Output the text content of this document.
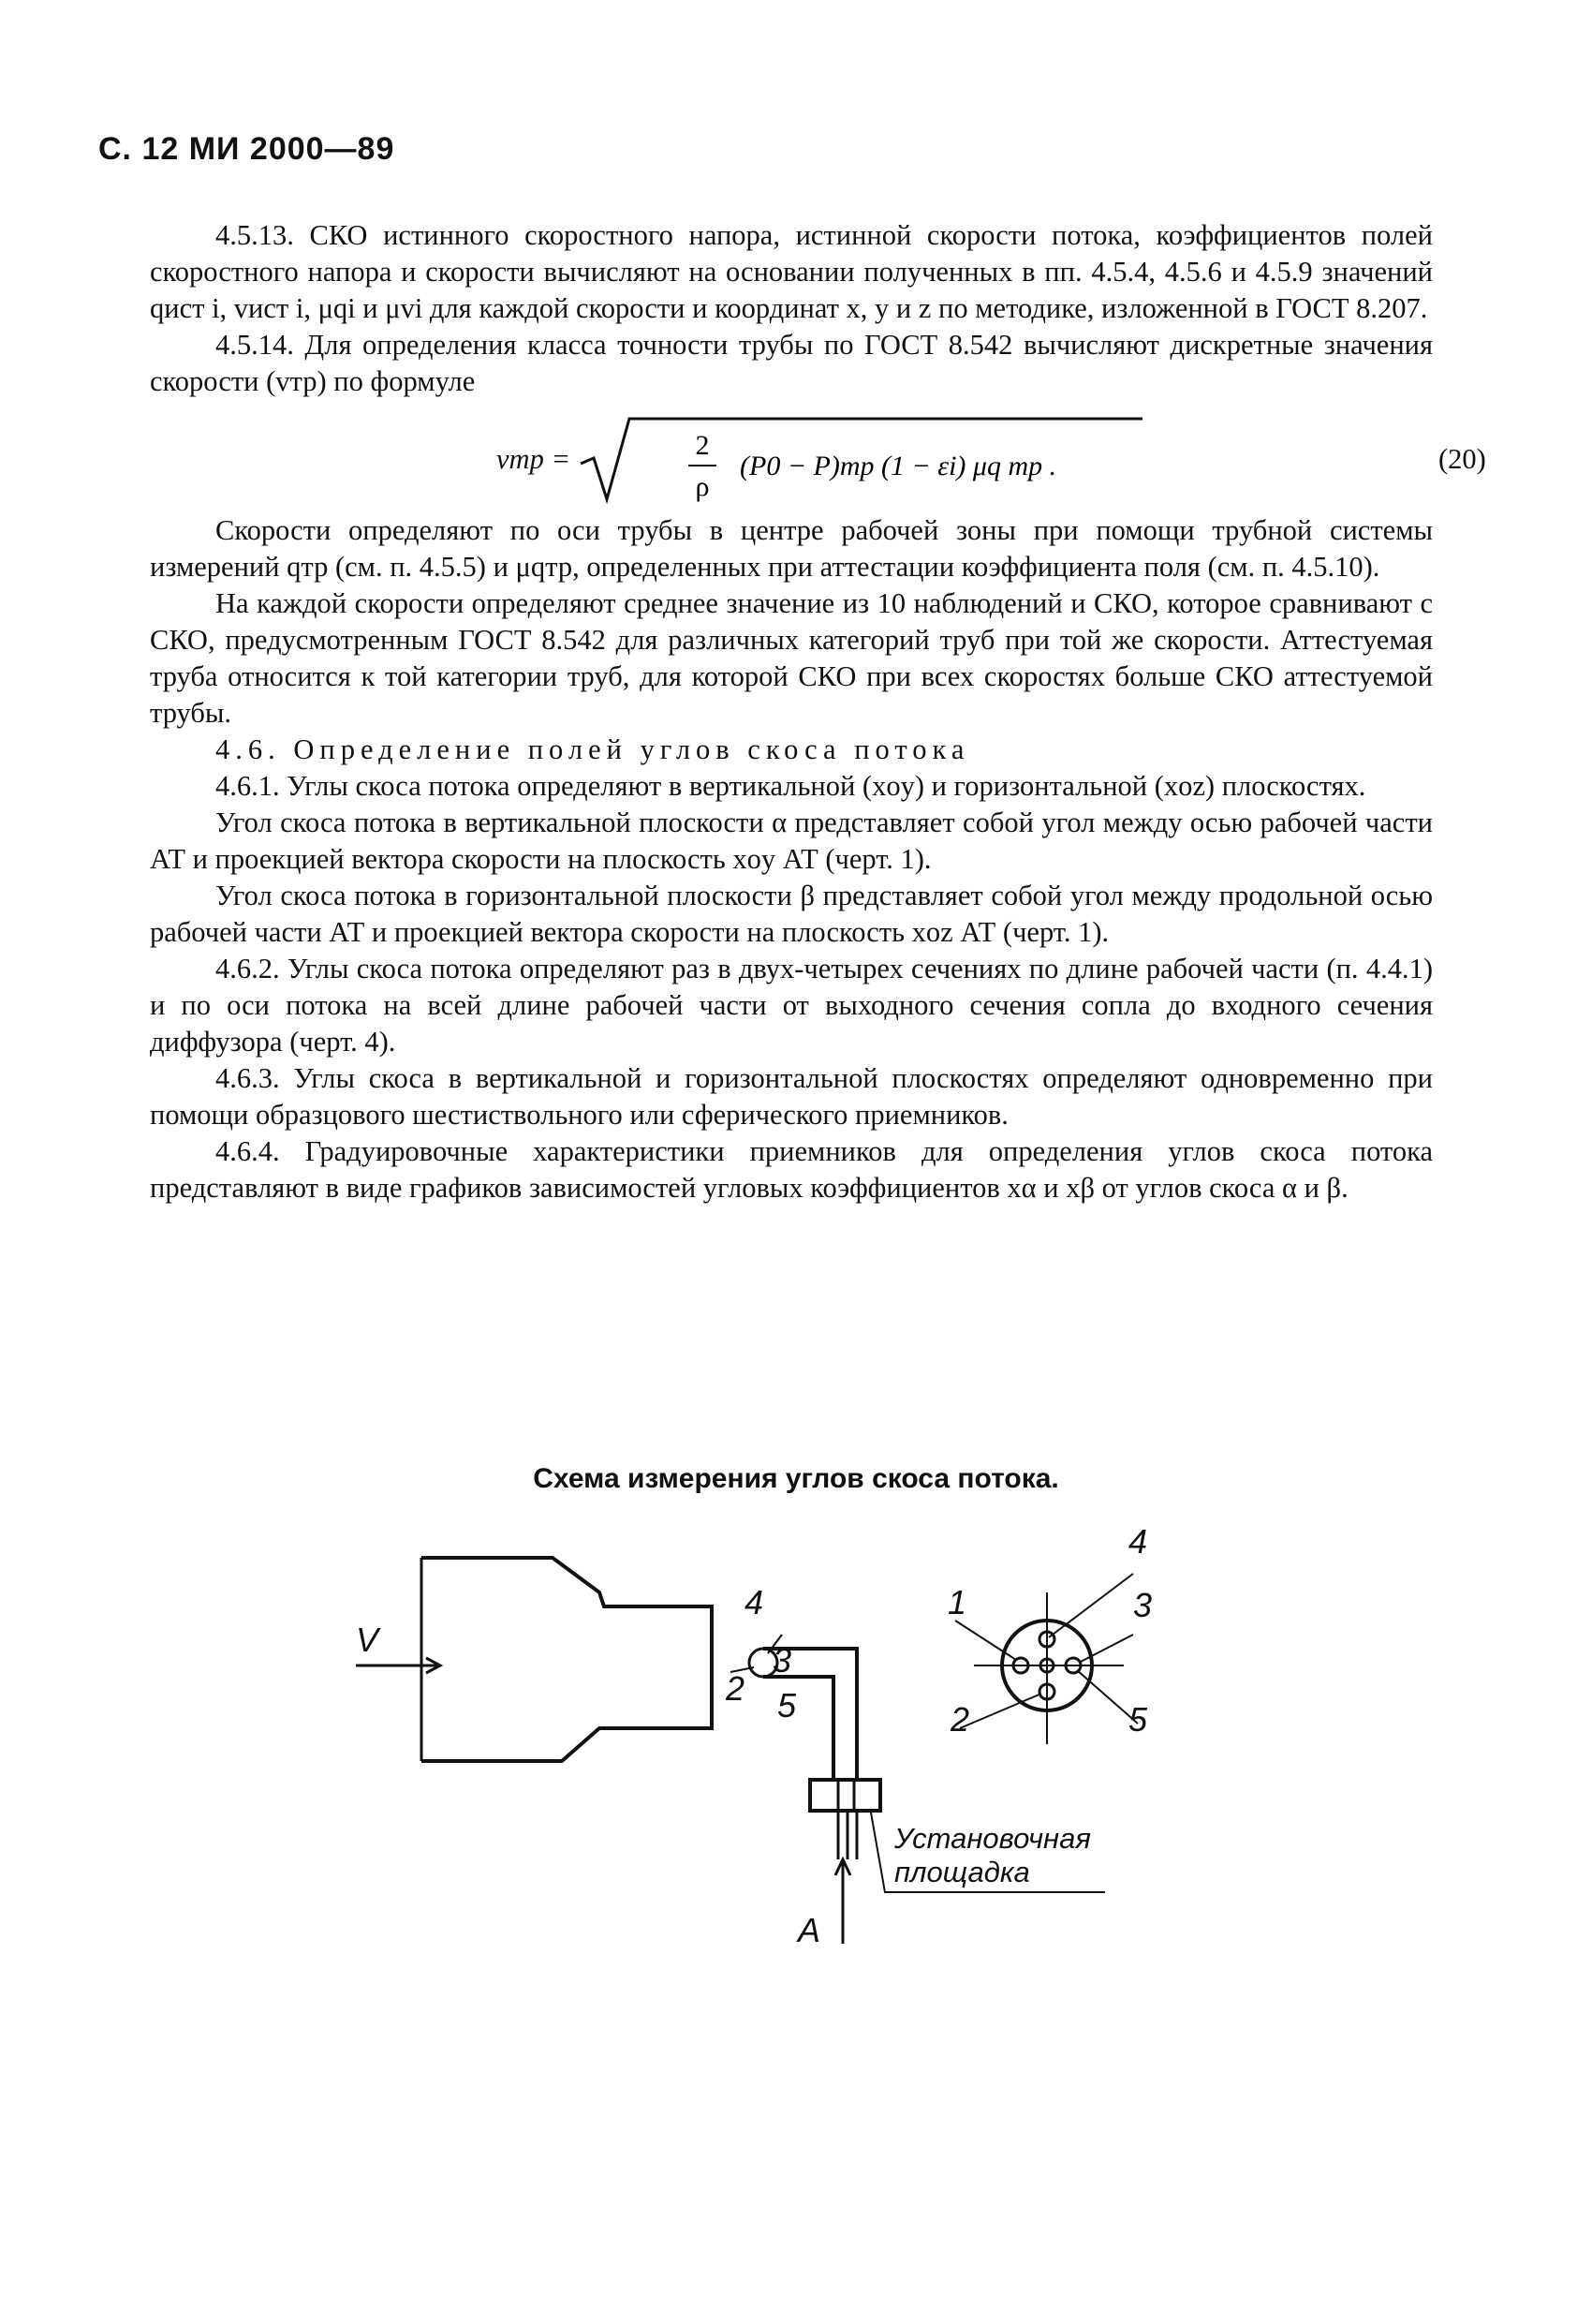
С. 12 МИ 2000—89

4.5.13. СКО истинного скоростного напора, истинной скорости потока, коэффициентов полей скоростного напора и скорости вычисляют на основании полученных в пп. 4.5.4, 4.5.6 и 4.5.9 значений qист i, vист i, μqi и μvi для каждой скорости и координат x, y и z по методике, изложенной в ГОСТ 8.207.

4.5.14. Для определения класса точности трубы по ГОСТ 8.542 вычисляют дискретные значения скорости (vтр) по формуле

vтр =	2
ρ
(P0 − P)тр (1 − εi) μq тр .	(20)

Скорости определяют по оси трубы в центре рабочей зоны при помощи трубной системы измерений qтр (см. п. 4.5.5) и μqтр, определенных при аттестации коэффициента поля (см. п. 4.5.10).

На каждой скорости определяют среднее значение из 10 наблюдений и СКО, которое сравнивают с СКО, предусмотренным ГОСТ 8.542 для различных категорий труб при той же скорости. Аттестуемая труба относится к той категории труб, для которой СКО при всех скоростях больше СКО аттестуемой трубы.

4.6. Определение полей углов скоса потока

4.6.1. Углы скоса потока определяют в вертикальной (xoy) и горизонтальной (xoz) плоскостях.

Угол скоса потока в вертикальной плоскости α представляет собой угол между осью рабочей части АТ и проекцией вектора скорости на плоскость xoy АТ (черт. 1).

Угол скоса потока в горизонтальной плоскости β представляет собой угол между продольной осью рабочей части АТ и проекцией вектора скорости на плоскость xoz АТ (черт. 1).

4.6.2. Углы скоса потока определяют раз в двух-четырех сечениях по длине рабочей части (п. 4.4.1) и по оси потока на всей длине рабочей части от выходного сечения сопла до входного сечения диффузора (черт. 4).

4.6.3. Углы скоса в вертикальной и горизонтальной плоскостях определяют одновременно при помощи образцового шестиствольного или сферического приемников.

4.6.4. Градуировочные характеристики приемников для определения углов скоса потока представляют в виде графиков зависимостей угловых коэффициентов xα и xβ от углов скоса α и β.

Схема измерения углов скоса потока.
V
A
4
3
2 5
4
1	3
2	5
Установочная
площадка
